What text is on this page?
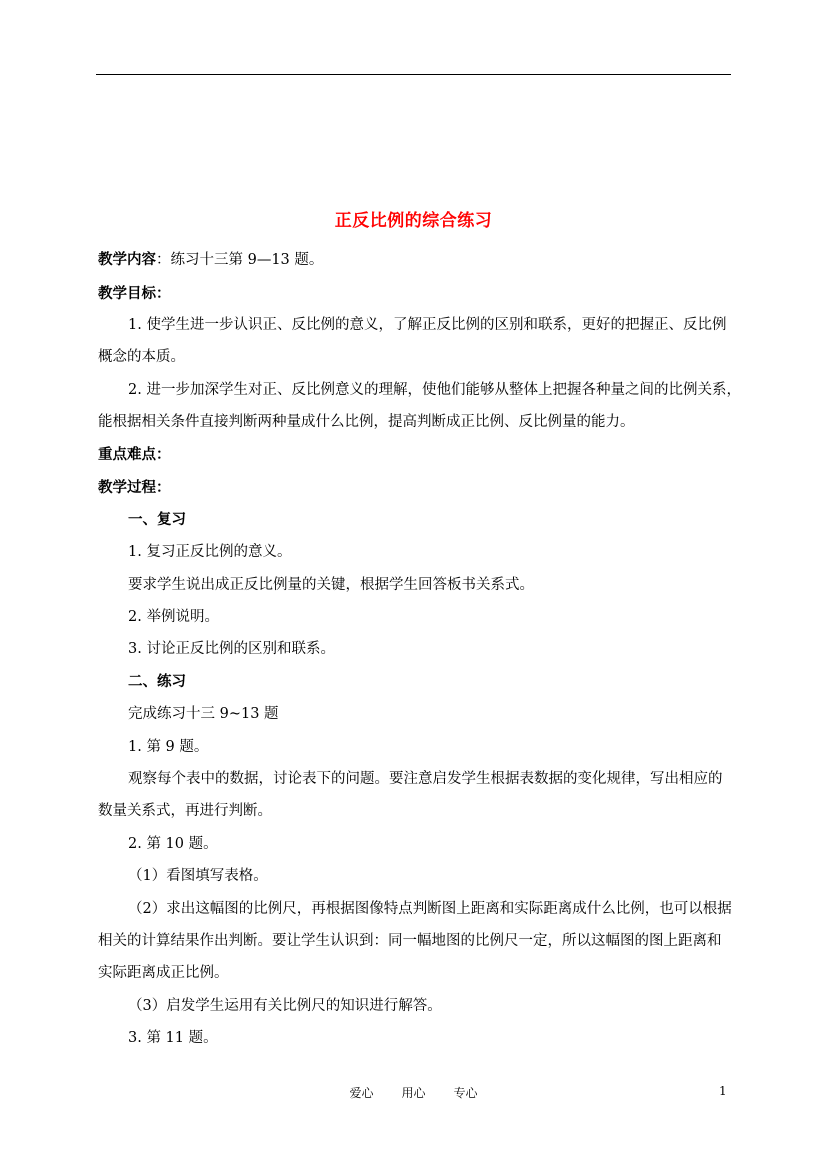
正反比例的综合练习
教学内容：练习十三第 9—13 题。
教学目标：
1. 使学生进一步认识正、反比例的意义，了解正反比例的区别和联系，更好的把握正、反比例
概念的本质。
2. 进一步加深学生对正、反比例意义的理解，使他们能够从整体上把握各种量之间的比例关系，
能根据相关条件直接判断两种量成什么比例，提高判断成正比例、反比例量的能力。
重点难点：
教学过程：
一、复习
1. 复习正反比例的意义。
要求学生说出成正反比例量的关键，根据学生回答板书关系式。
2. 举例说明。
3. 讨论正反比例的区别和联系。
二、练习
完成练习十三 9~13 题
1. 第 9 题。
观察每个表中的数据，讨论表下的问题。要注意启发学生根据表数据的变化规律，写出相应的
数量关系式，再进行判断。
2. 第 10 题。
（1）看图填写表格。
（2）求出这幅图的比例尺，再根据图像特点判断图上距离和实际距离成什么比例，也可以根据
相关的计算结果作出判断。要让学生认识到：同一幅地图的比例尺一定，所以这幅图的图上距离和
实际距离成正比例。
（3）启发学生运用有关比例尺的知识进行解答。
3. 第 11 题。
爱心 用心 专心	1
